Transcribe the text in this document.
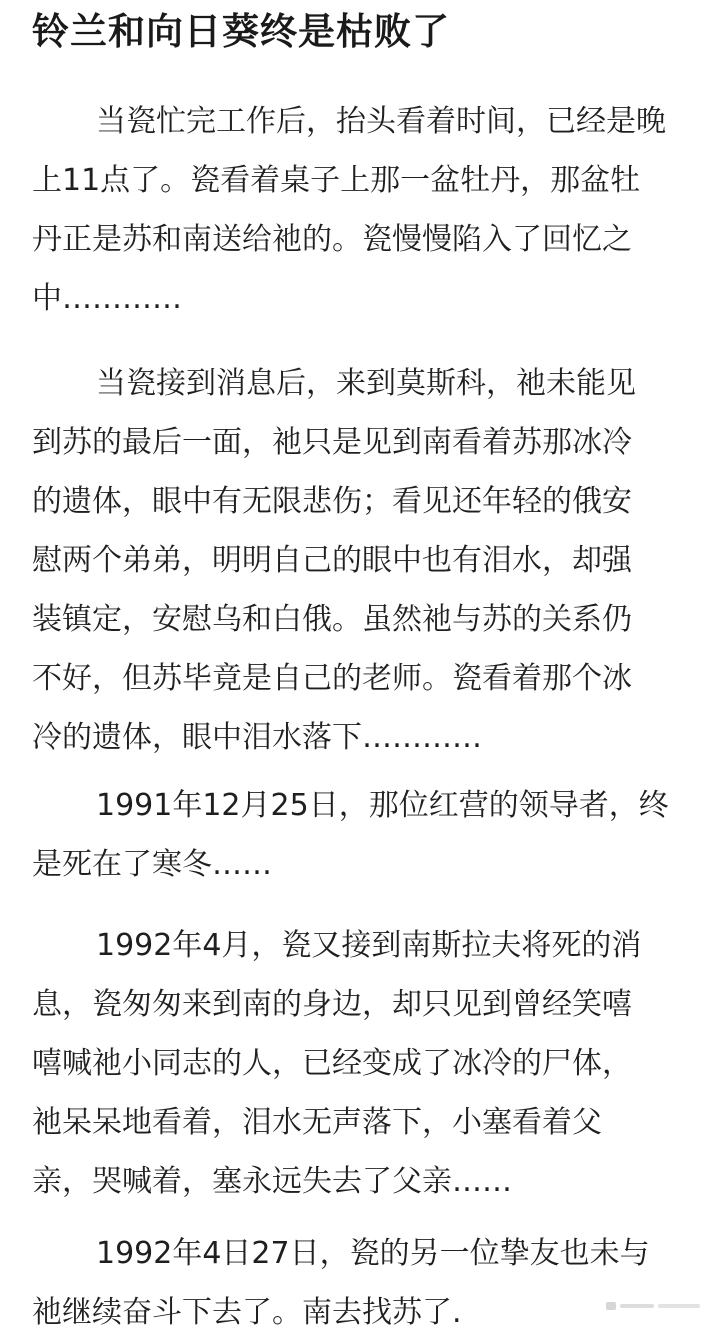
铃兰和向日葵终是枯败了
当瓷忙完工作后，抬头看着时间，已经是晚
上11点了。瓷看着桌子上那一盆牡丹，那盆牡
丹正是苏和南送给祂的。瓷慢慢陷入了回忆之
中…………
当瓷接到消息后，来到莫斯科，祂未能见
到苏的最后一面，祂只是见到南看着苏那冰冷
的遗体，眼中有无限悲伤；看见还年轻的俄安
慰两个弟弟，明明自己的眼中也有泪水，却强
装镇定，安慰乌和白俄。虽然祂与苏的关系仍
不好，但苏毕竟是自己的老师。瓷看着那个冰
冷的遗体，眼中泪水落下…………
1991年12月25日，那位红营的领导者，终
是死在了寒冬……
1992年4月，瓷又接到南斯拉夫将死的消
息，瓷匆匆来到南的身边，却只见到曾经笑嘻
嘻喊祂小同志的人，已经变成了冰冷的尸体，
祂呆呆地看着，泪水无声落下，小塞看着父
亲，哭喊着，塞永远失去了父亲……
1992年4日27日，瓷的另一位挚友也未与
祂继续奋斗下去了。南去找苏了.
